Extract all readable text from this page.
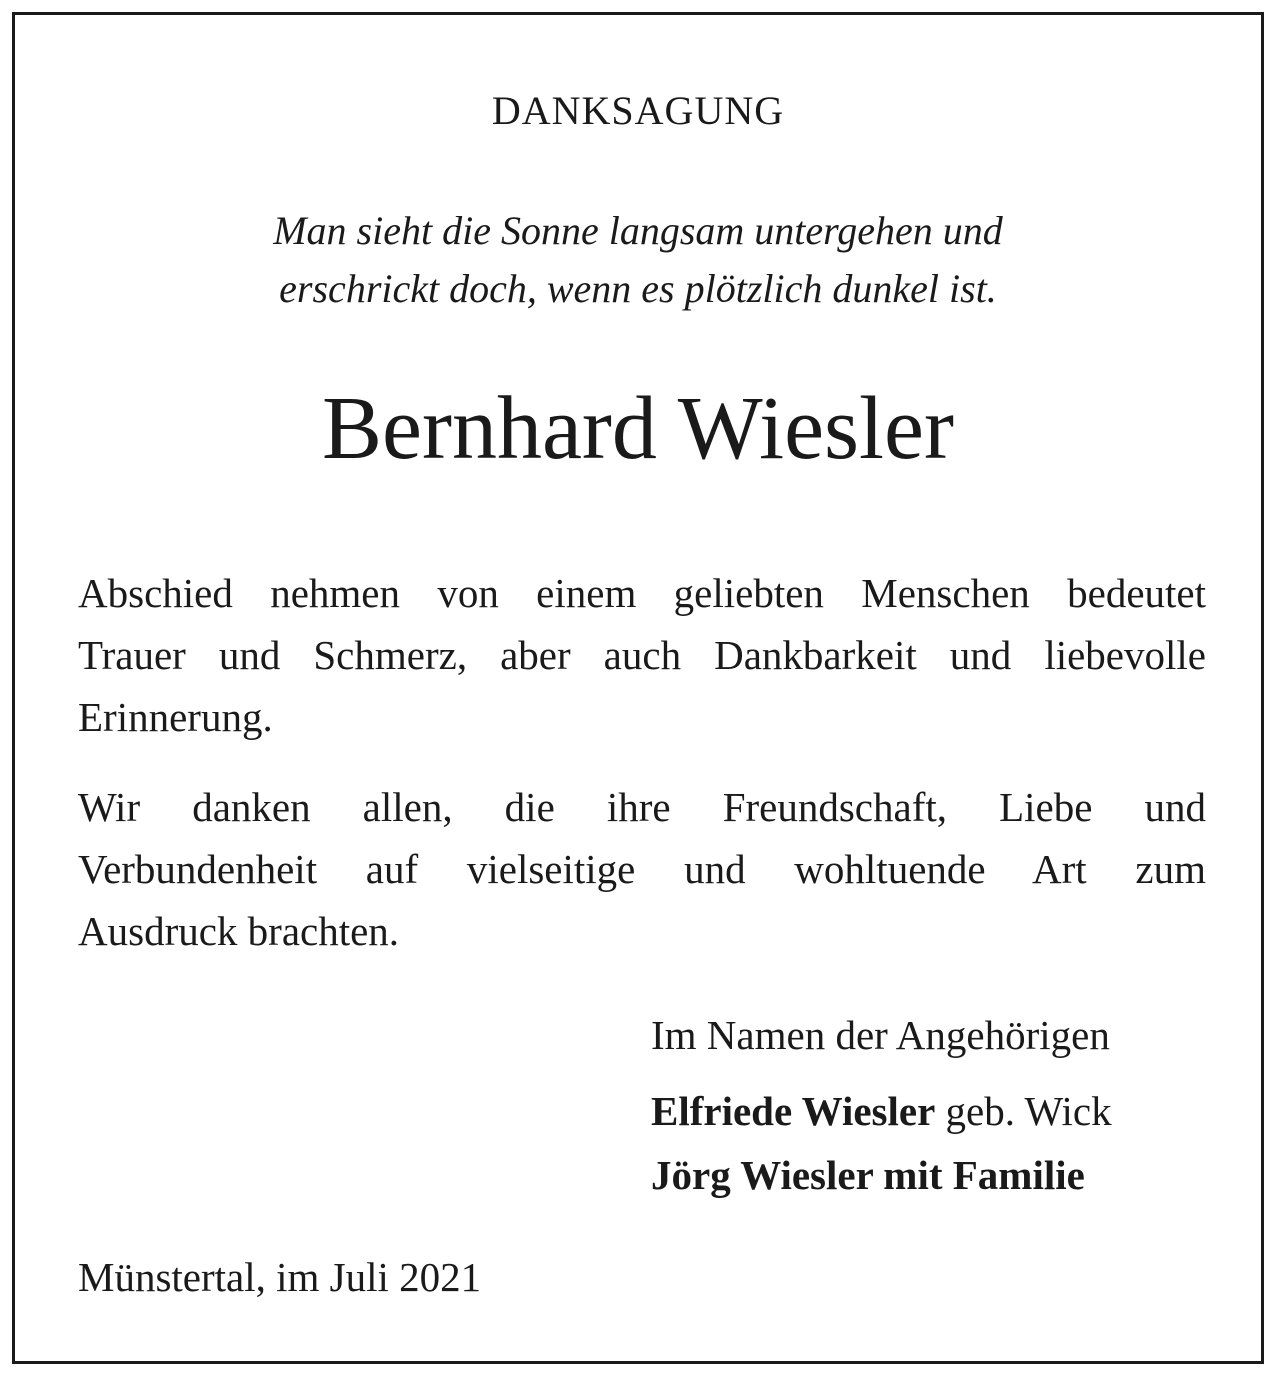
DANKSAGUNG

Man sieht die Sonne langsam untergehen und

erschrickt doch, wenn es plötzlich dunkel ist.

Bernhard Wiesler

Abschied nehmen von einem geliebten Menschen bedeutet

Trauer und Schmerz, aber auch Dankbarkeit und liebevolle

Erinnerung.

Wir danken allen, die ihre Freundschaft, Liebe und

Verbundenheit auf vielseitige und wohltuende Art zum

Ausdruck brachten.

Im Namen der Angehörigen

Elfriede Wiesler geb. Wick

Jörg Wiesler mit Familie

Münstertal, im Juli 2021
